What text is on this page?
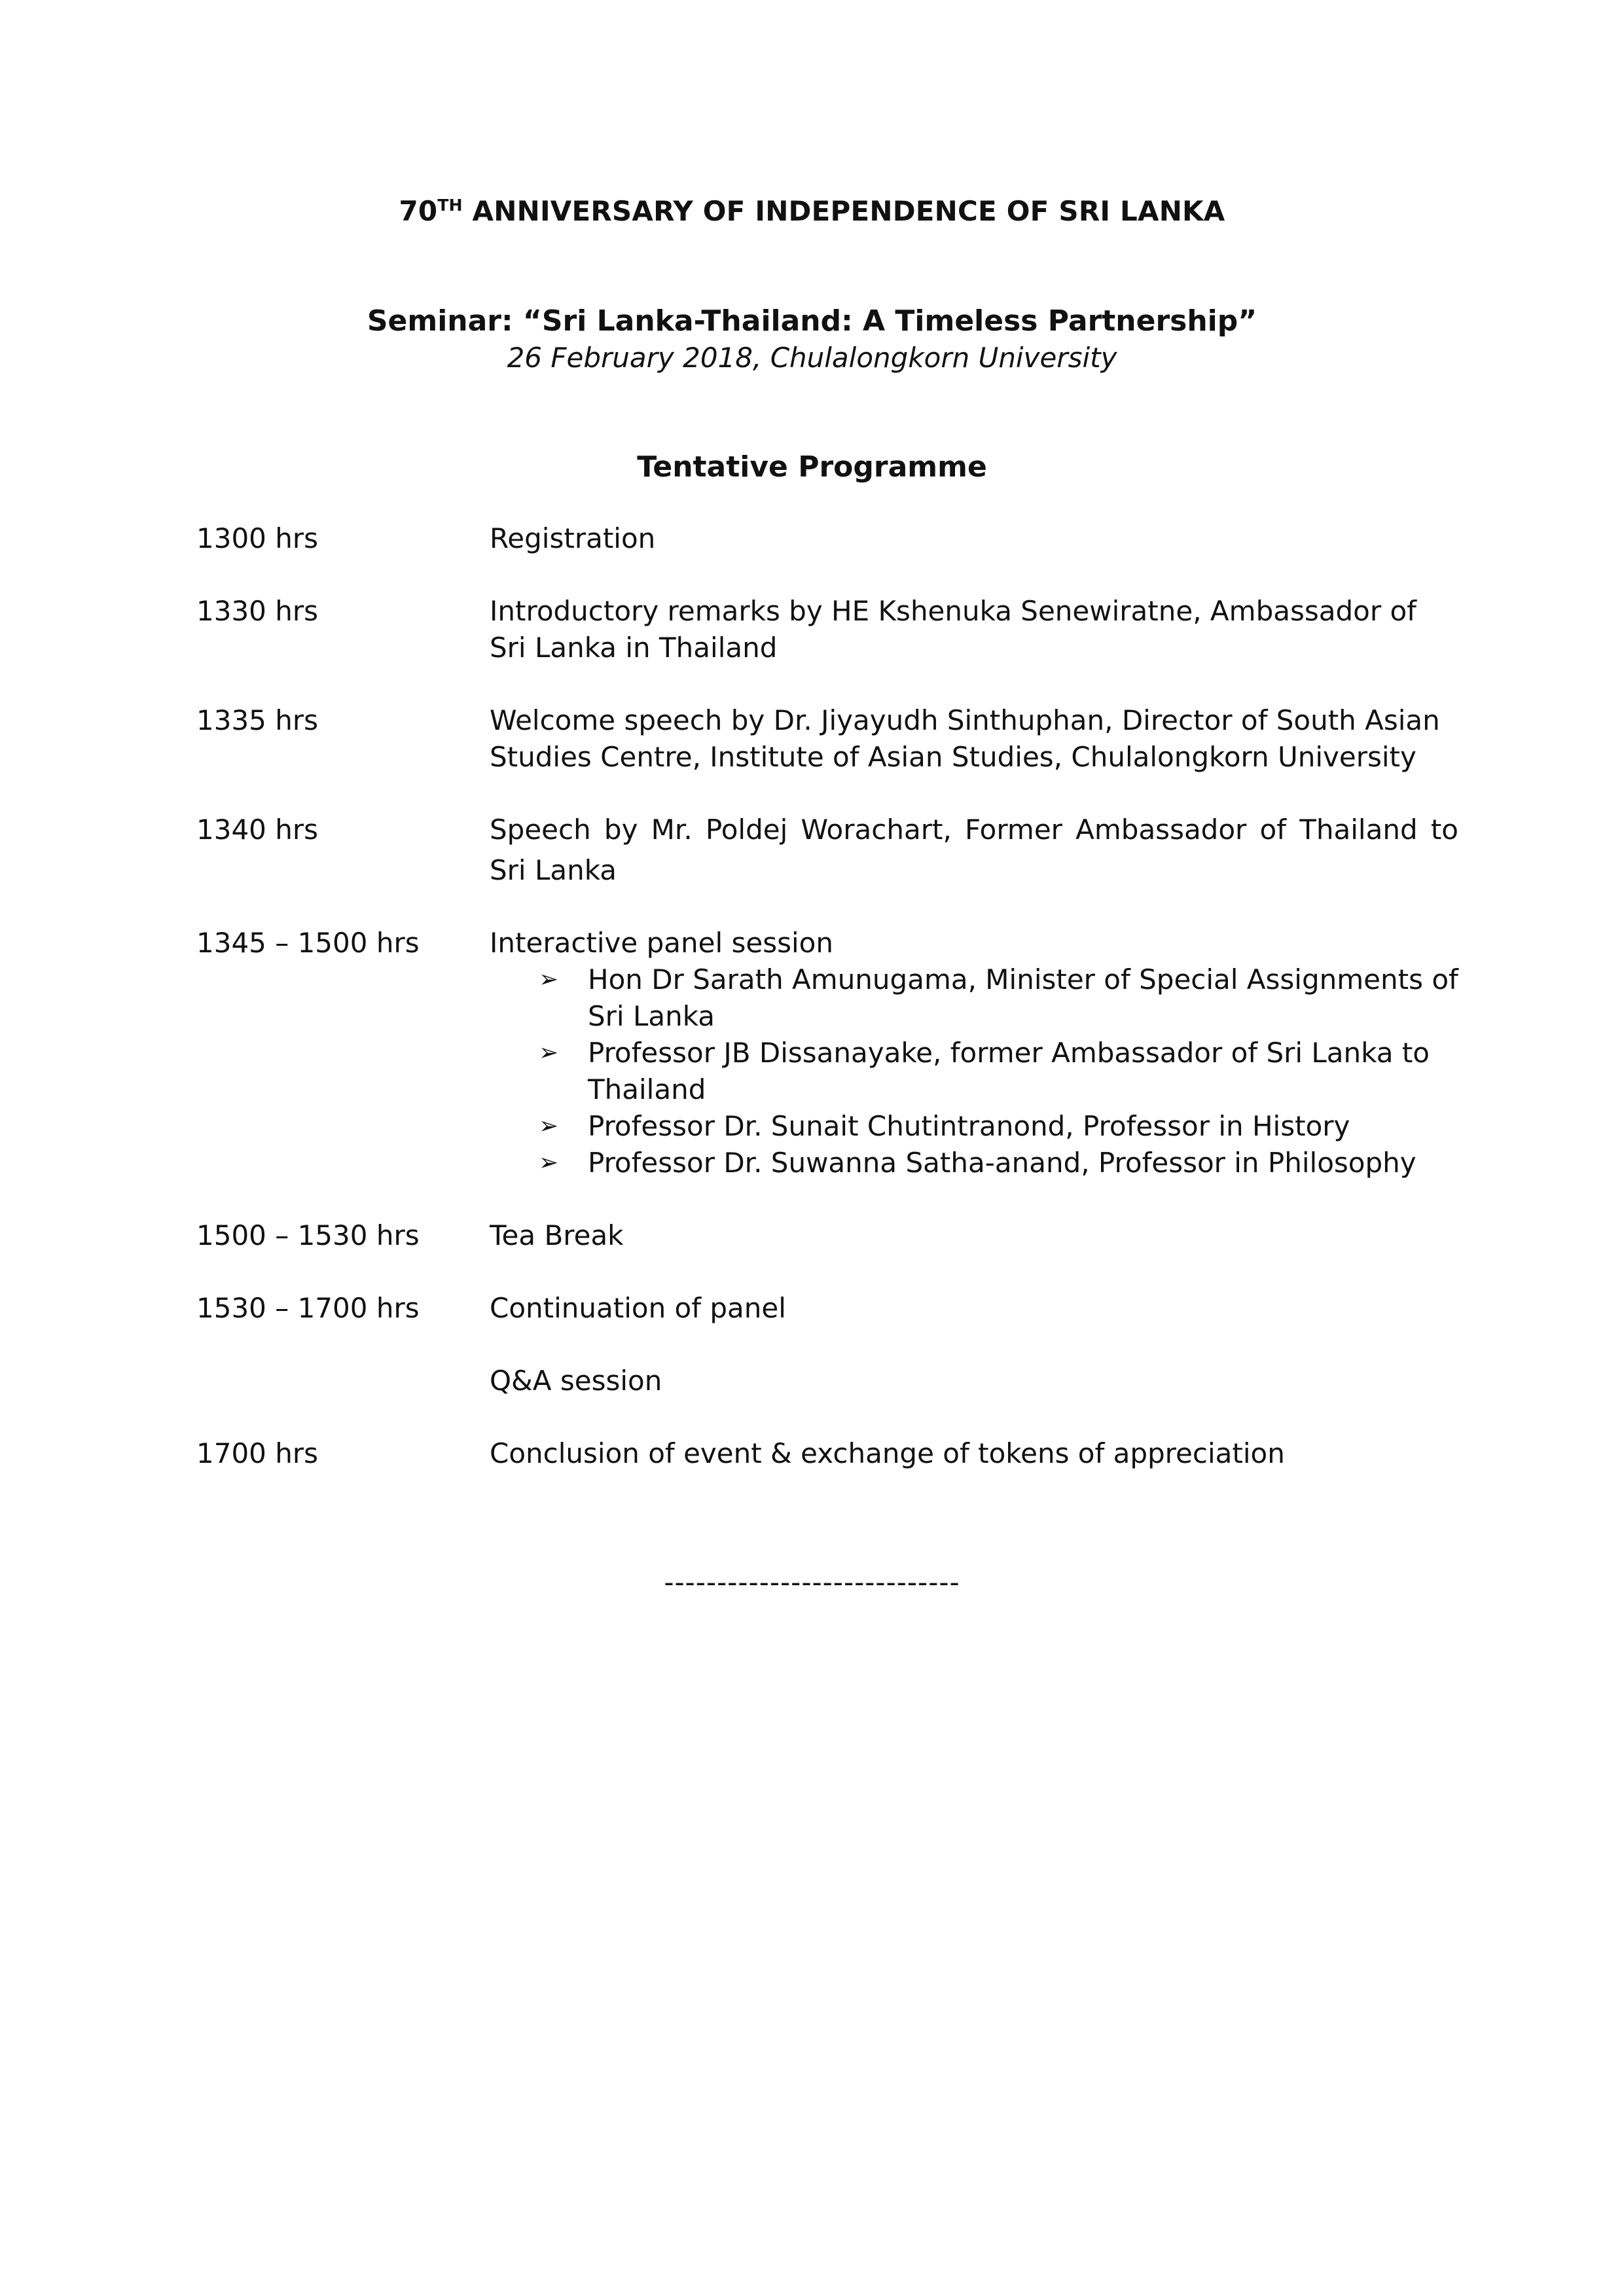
70TH ANNIVERSARY OF INDEPENDENCE OF SRI LANKA
Seminar: “Sri Lanka-Thailand: A Timeless Partnership”
26 February 2018, Chulalongkorn University
Tentative Programme
1300 hrs	Registration
1330 hrs	Introductory remarks by HE Kshenuka Senewiratne, Ambassador of
Sri Lanka in Thailand
1335 hrs	Welcome speech by Dr. Jiyayudh Sinthuphan, Director of South Asian
Studies Centre, Institute of Asian Studies, Chulalongkorn University
1340 hrs	Speech by Mr. Poldej Worachart, Former Ambassador of Thailand to
Sri Lanka
1345 – 1500 hrs	Interactive panel session
➢	Hon Dr Sarath Amunugama, Minister of Special Assignments of
Sri Lanka
➢	Professor JB Dissanayake, former Ambassador of Sri Lanka to
Thailand
➢	Professor Dr. Sunait Chutintranond, Professor in History
➢	Professor Dr. Suwanna Satha-anand, Professor in Philosophy
1500 – 1530 hrs	Tea Break
1530 – 1700 hrs	Continuation of panel
Q&A session
1700 hrs	Conclusion of event & exchange of tokens of appreciation
----------------------------
